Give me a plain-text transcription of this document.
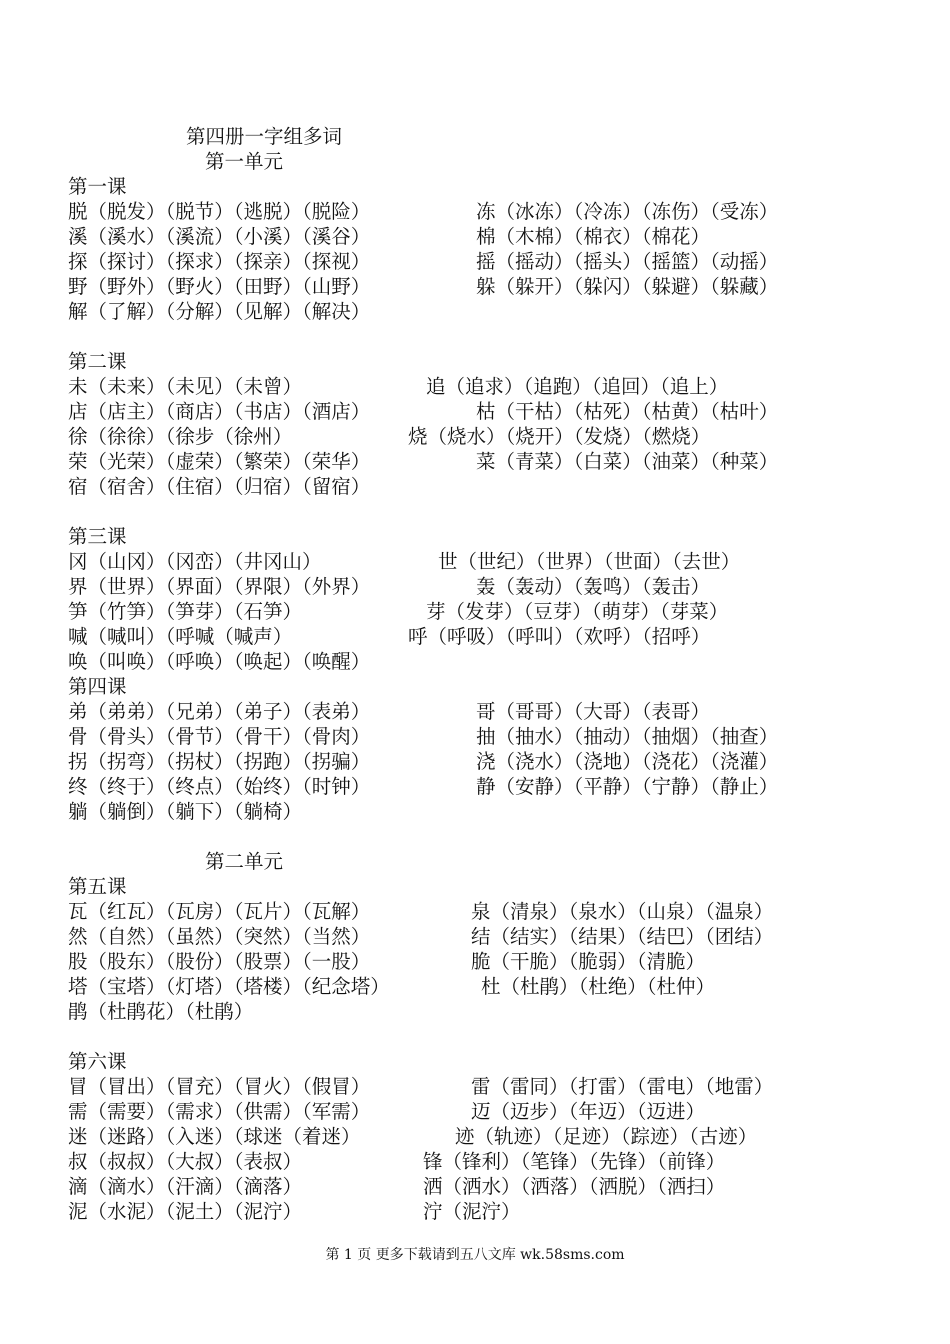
第四册一字组多词
第一单元
第一课
脱（脱发）（脱节）（逃脱）（脱险）	冻（冰冻）（冷冻）（冻伤）（受冻）
溪（溪水）（溪流）（小溪）（溪谷）	棉（木棉）（棉衣）（棉花）
探（探讨）（探求）（探亲）（探视）	摇（摇动）（摇头）（摇篮）（动摇）
野（野外）（野火）（田野）（山野）	躲（躲开）（躲闪）（躲避）（躲藏）
解（了解）（分解）（见解）（解决）
第二课
未（未来）（未见）（未曾）	追（追求）（追跑）（追回）（追上）
店（店主）（商店）（书店）（酒店）	枯（干枯）（枯死）（枯黄）（枯叶）
徐（徐徐）（徐步（徐州）	烧（烧水）（烧开）（发烧）（燃烧）
荣（光荣）（虚荣）（繁荣）（荣华）	菜（青菜）（白菜）（油菜）（种菜）
宿（宿舍）（住宿）（归宿）（留宿）
第三课
冈（山冈）（冈峦）（井冈山）	世（世纪）（世界）（世面）（去世）
界（世界）（界面）（界限）（外界）	轰（轰动）（轰鸣）（轰击）
笋（竹笋）（笋芽）（石笋）	芽（发芽）（豆芽）（萌芽）（芽菜）
喊（喊叫）（呼喊（喊声）	呼（呼吸）（呼叫）（欢呼）（招呼）
唤（叫唤）（呼唤）（唤起）（唤醒）
第四课
弟（弟弟）（兄弟）（弟子）（表弟）	哥（哥哥）（大哥）（表哥）
骨（骨头）（骨节）（骨干）（骨肉）	抽（抽水）（抽动）（抽烟）（抽查）
拐（拐弯）（拐杖）（拐跑）（拐骗）	浇（浇水）（浇地）（浇花）（浇灌）
终（终于）（终点）（始终）（时钟）	静（安静）（平静）（宁静）（静止）
躺（躺倒）（躺下）（躺椅）
第二单元
第五课
瓦（红瓦）（瓦房）（瓦片）（瓦解）	泉（清泉）（泉水）（山泉）（温泉）
然（自然）（虽然）（突然）（当然）	结（结实）（结果）（结巴）（团结）
股（股东）（股份）（股票）（一股）	脆（干脆）（脆弱）（清脆）
塔（宝塔）（灯塔）（塔楼）（纪念塔）	杜（杜鹃）（杜绝）（杜仲）
鹃（杜鹃花）（杜鹃）
第六课
冒（冒出）（冒充）（冒火）（假冒）	雷（雷同）（打雷）（雷电）（地雷）
需（需要）（需求）（供需）（军需）	迈（迈步）（年迈）（迈进）
迷（迷路）（入迷）（球迷（着迷）	迹（轨迹）（足迹）（踪迹）（古迹）
叔（叔叔）（大叔）（表叔）	锋（锋利）（笔锋）（先锋）（前锋）
滴（滴水）（汗滴）（滴落）	洒（洒水）（洒落）（洒脱）（洒扫）
泥（水泥）（泥土）（泥泞）	泞（泥泞）
第 1 页 更多下载请到五八文库 wk.58sms.com
